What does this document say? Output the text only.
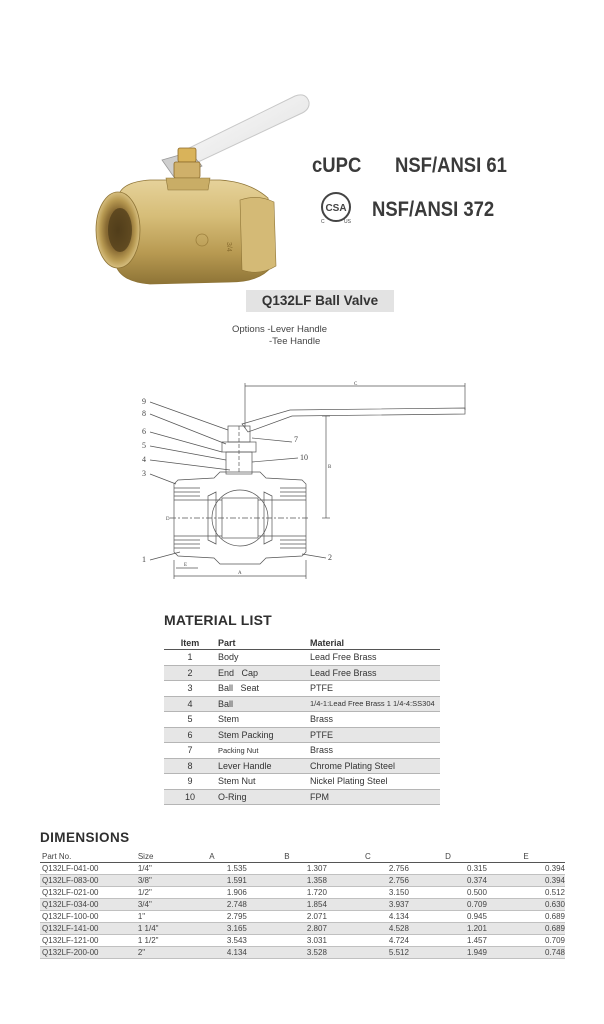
3/4
cUPC NSF/ANSI 61
CSA
C	US
NSF/ANSI 372
Q132LF Ball Valve
Options -Lever Handle
-Tee Handle
9
8
6
5
4
3
1
7
10
2
C
B
A
E
D
MATERIAL LIST
Item	Part	Material
1	Body	Lead Free Brass
2	End   Cap	Lead Free Brass
3	Ball   Seat	PTFE
4	Ball	1/4-1:Lead Free Brass 1 1/4-4:SS304
5	Stem	Brass
6	Stem Packing	PTFE
7	Packing Nut	Brass
8	Lever Handle	Chrome Plating Steel
9	Stem Nut	Nickel Plating Steel
10	O-Ring	FPM
DIMENSIONS
Part No.	Size	A	B	C	D	E
Q132LF-041-00	1/4"	1.535	1.307	2.756	0.315	0.394
Q132LF-083-00	3/8"	1.591	1.358	2.756	0.374	0.394
Q132LF-021-00	1/2"	1.906	1.720	3.150	0.500	0.512
Q132LF-034-00	3/4"	2.748	1.854	3.937	0.709	0.630
Q132LF-100-00	1"	2.795	2.071	4.134	0.945	0.689
Q132LF-141-00	1 1/4"	3.165	2.807	4.528	1.201	0.689
Q132LF-121-00	1 1/2"	3.543	3.031	4.724	1.457	0.709
Q132LF-200-00	2"	4.134	3.528	5.512	1.949	0.748
